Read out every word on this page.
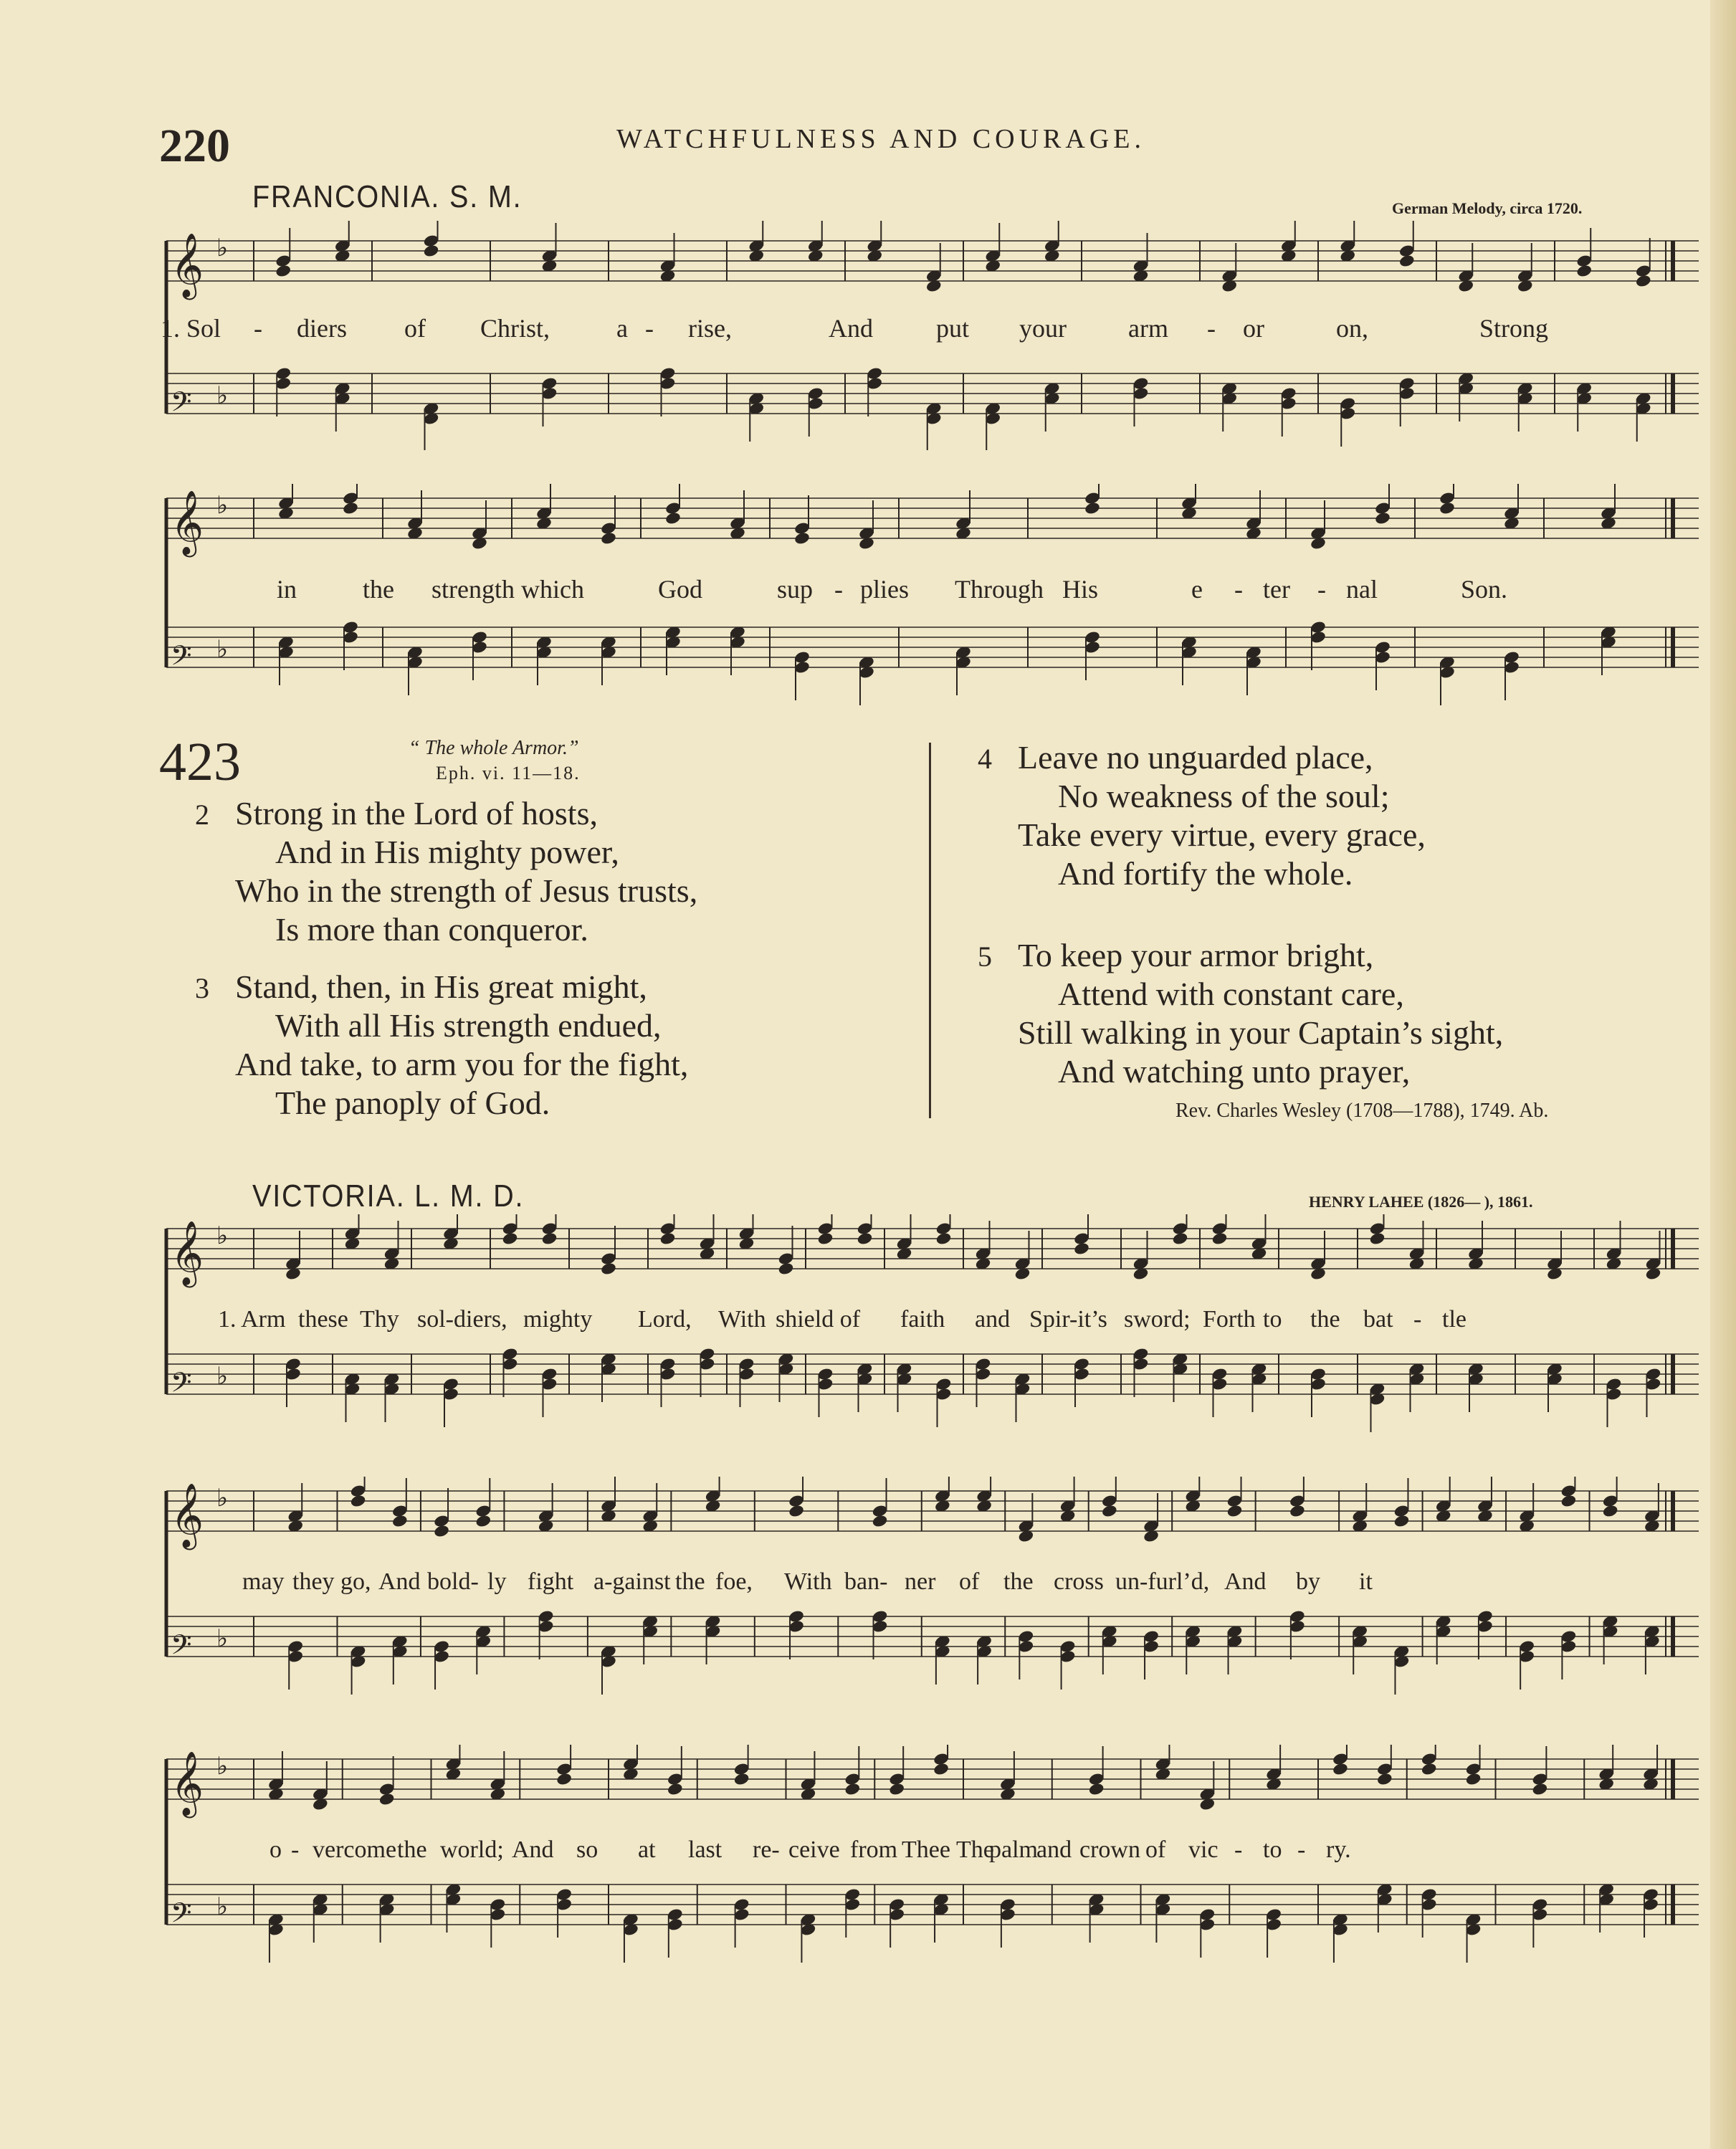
220	WATCHFULNESS AND COURAGE.
FRANCONIA. S. M.	German Melody, circa 1720.
𝄞 ♭
𝄢 ♭
1. Sol	-	diers	of	Christ,	a -	rise,	And	put	your	arm	-	or	on,	Strong
𝄞 ♭
𝄢 ♭
in	the	strength which	God	sup - plies	Through His	e	- ter	- nal	Son.
423	“ The whole Armor.”
Eph. vi. 11—18.
2 Strong in the Lord of hosts,
And in His mighty power,
Who in the strength of Jesus trusts,
Is more than conqueror.
3 Stand, then, in His great might,
With all His strength endued,
And take, to arm you for the fight,
The panoply of God.
4 Leave no unguarded place,
No weakness of the soul;
Take every virtue, every grace,
And fortify the whole.
5 To keep your armor bright,
Attend with constant care,
Still walking in your Captain’s sight,
And watching unto prayer,
Rev. Charles Wesley (1708—1788), 1749. Ab.
VICTORIA. L. M. D.	HENRY LAHEE (1826— ), 1861.
𝄞 ♭
𝄢 ♭
1. Arm these Thy sol-diers, mighty	Lord,	With shield of	faith	and Spir-it’s sword; Forth to	the bat - tle
𝄞 ♭
𝄢 ♭
may they go, And bold- ly fight a-gainst the foe,	With ban- ner of the cross un-furl’d, And	by	it
𝄞 ♭
𝄢 ♭
o - vercome the world; And so	at	last	re- ceive from Thee The
palm
and crown of vic - to - ry.
